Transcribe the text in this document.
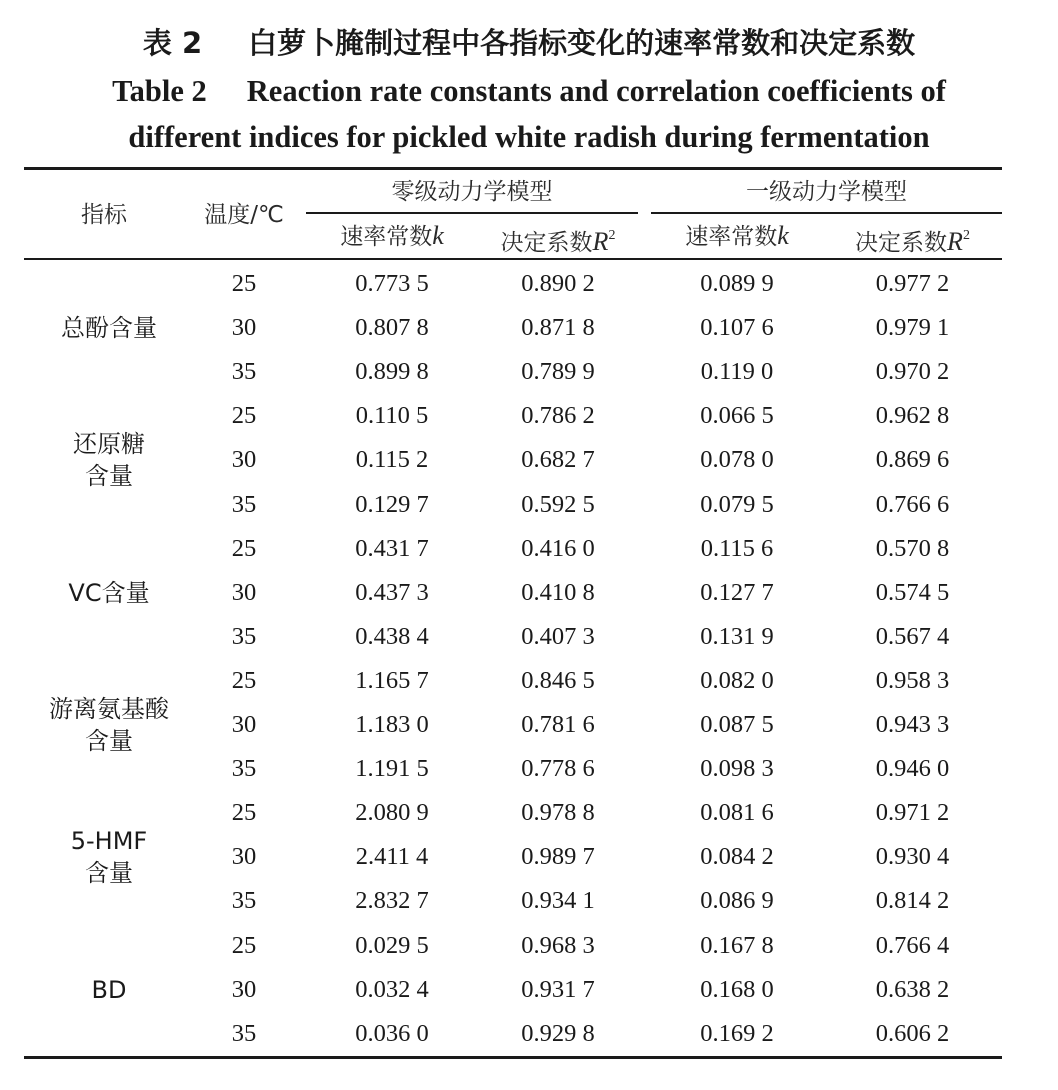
表 2 白萝卜腌制过程中各指标变化的速率常数和决定系数
Table 2 Reaction rate constants and correlation coefficients of
different indices for pickled white radish during fermentation
指标	温度/℃
零级动力学模型	一级动力学模型
速率常数k	决定系数$R^2$	速率常数k	决定系数$R^2$
总酚含量
25	0.773 5	0.890 2	0.089 9	0.977 2
30	0.807 8	0.871 8	0.107 6	0.979 1
35	0.899 8	0.789 9	0.119 0	0.970 2
还原糖
含量
25	0.110 5	0.786 2	0.066 5	0.962 8
30	0.115 2	0.682 7	0.078 0	0.869 6
35	0.129 7	0.592 5	0.079 5	0.766 6
VC含量
25	0.431 7	0.416 0	0.115 6	0.570 8
30	0.437 3	0.410 8	0.127 7	0.574 5
35	0.438 4	0.407 3	0.131 9	0.567 4
游离氨基酸
含量
25	1.165 7	0.846 5	0.082 0	0.958 3
30	1.183 0	0.781 6	0.087 5	0.943 3
35	1.191 5	0.778 6	0.098 3	0.946 0
5-HMF
含量
25	2.080 9	0.978 8	0.081 6	0.971 2
30	2.411 4	0.989 7	0.084 2	0.930 4
35	2.832 7	0.934 1	0.086 9	0.814 2
BD
25	0.029 5	0.968 3	0.167 8	0.766 4
30	0.032 4	0.931 7	0.168 0	0.638 2
35	0.036 0	0.929 8	0.169 2	0.606 2
